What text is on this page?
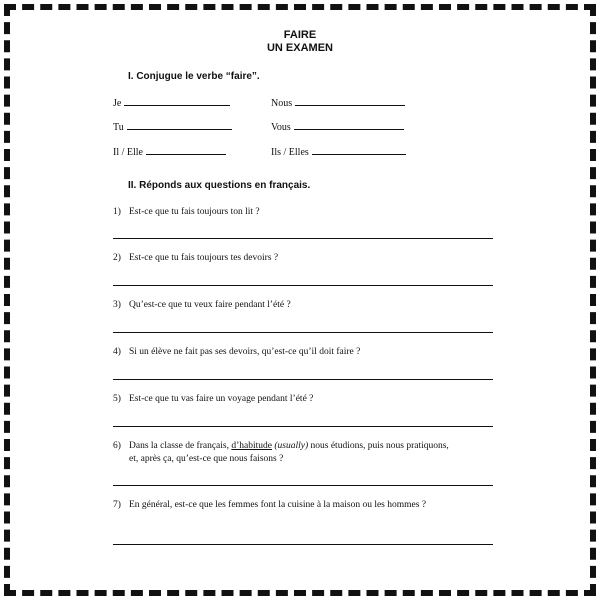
FAIRE
UN EXAMEN
I. Conjugue le verbe “faire”.
Je	Nous
Tu	Vous
Il / Elle	Ils / Elles
II. Réponds aux questions en français.
1) Est-ce que tu fais toujours ton lit ?
2) Est-ce que tu fais toujours tes devoirs ?
3) Qu’est-ce que tu veux faire pendant l’été ?
4) Si un élève ne fait pas ses devoirs, qu’est-ce qu’il doit faire ?
5) Est-ce que tu vas faire un voyage pendant l’été ?
6) Dans la classe de français, d’habitude (usually) nous étudions, puis nous pratiquons,
et, après ça, qu’est-ce que nous faisons ?
7) En général, est-ce que les femmes font la cuisine à la maison ou les hommes ?
